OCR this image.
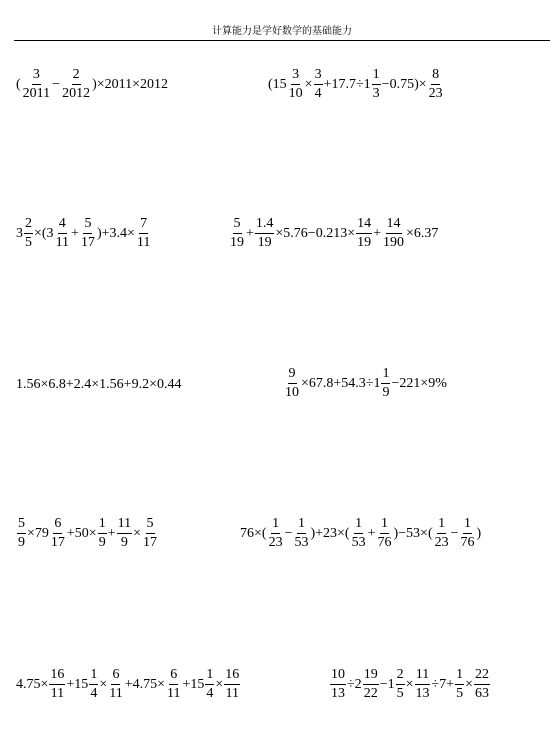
计算能力是学好数学的基础能力
( $\frac{3}{2011} - \frac{2}{2012} )\times 2011\times 2012$	$(15 \frac{3}{10} \times \frac{3}{4} +17.7\div 1 \frac{1}{3} -0.75)\times \frac{8}{23}$
$3 \frac{2}{5} \times(3 \frac{4}{11} + \frac{5}{17} )+3.4\times \frac{7}{11}$	$\frac{5}{19} + \frac{1.4}{19} \times 5.76-0.213\times \frac{14}{19} + \frac{14}{190} \times 6.37$
1.56×6.8+2.4×1.56+9.2×0.44	$\frac{9}{10} \times 67.8+54.3\div 1 \frac{1}{9} -221\times 9\%$
$\frac{5}{9} \times 79 \frac{6}{17} +50\times \frac{1}{9} + \frac{11}{9} \times \frac{5}{17}$	$76\times( \frac{1}{23} - \frac{1}{53} )+23\times( \frac{1}{53} + \frac{1}{76} )-53\times( \frac{1}{23} - \frac{1}{76}$ )
$4.75\times \frac{16}{11} +15 \frac{1}{4} \times \frac{6}{11} +4.75\times \frac{6}{11} +15 \frac{1}{4} \times \frac{16}{11}$	$\frac{10}{13} \div 2 \frac{19}{22} -1 \frac{2}{5} \times \frac{11}{13} \div 7+ \frac{1}{5} \times \frac{22}{63}$
